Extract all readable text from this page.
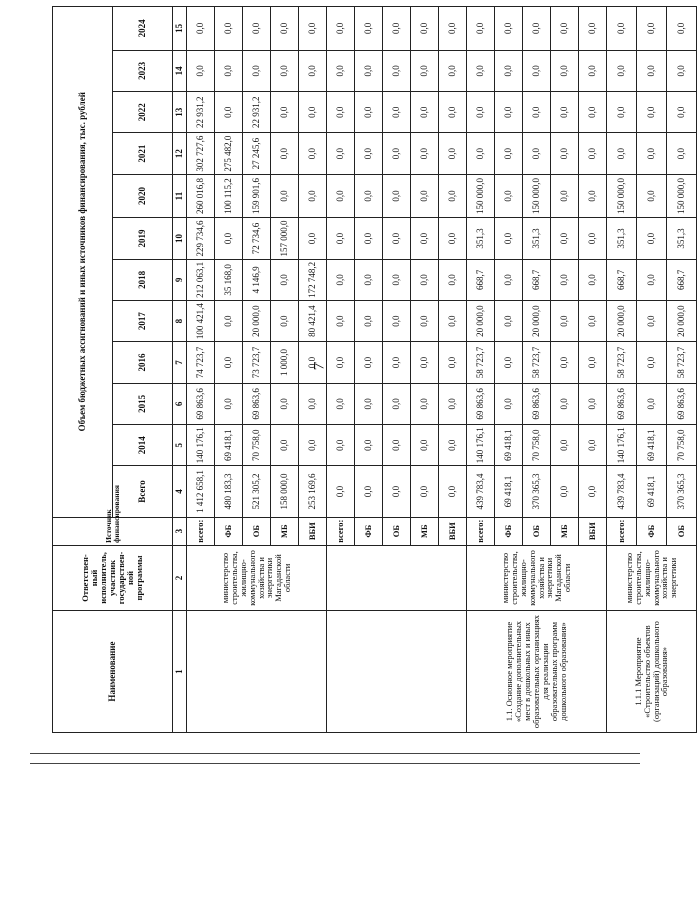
7
Наименование	Ответствен-ный исполнитель, участник государствен-ной программы	Источник финансирования	Объем бюджетных ассигнований и иных источников финансирования, тыс. рублей											
			Всего	2014	2015	2016	2017	2018	2019	2020	2021	2022	2023	2024
1	2	3	4	5	6	7	8	9	10	11	12	13	14	15
	министерство строительства, жилищно-коммунального хозяйства и энергетики Магаданской области	всего:	1 412 658,1	140 176,1	69 863,6	74 723,7	100 421,4	212 063,1	229 734,6	260 016,8	302 727,6	22 931,2	0,0	0,0
		ФБ	480 183,3	69 418,1	0,0	0,0	0,0	35 168,0	0,0	100 115,2	275 482,0	0,0	0,0	0,0
		ОБ	521 305,2	70 758,0	69 863,6	73 723,7	20 000,0	4 146,9	72 734,6	159 901,6	27 245,6	22 931,2	0,0	0,0
		МБ	158 000,0	0,0	0,0	1 000,0	0,0	0,0	157 000,0	0,0	0,0	0,0	0,0	0,0
		ВБИ	253 169,6	0,0	0,0	0,0	80 421,4	172 748,2	0,0	0,0	0,0	0,0	0,0	0,0
		всего:	0,0	0,0	0,0	0,0	0,0	0,0	0,0	0,0	0,0	0,0	0,0	0,0
		ФБ	0,0	0,0	0,0	0,0	0,0	0,0	0,0	0,0	0,0	0,0	0,0	0,0
		ОБ	0,0	0,0	0,0	0,0	0,0	0,0	0,0	0,0	0,0	0,0	0,0	0,0
		МБ	0,0	0,0	0,0	0,0	0,0	0,0	0,0	0,0	0,0	0,0	0,0	0,0
		ВБИ	0,0	0,0	0,0	0,0	0,0	0,0	0,0	0,0	0,0	0,0	0,0	0,0
1.1. Основное мероприятие «Создание дополнительных мест в дошкольных и иных образовательных организациях для реализации образовательных программ дошкольного образования»	министерство строительства, жилищно-коммунального хозяйства и энергетики Магаданской области	всего:	439 783,4	140 176,1	69 863,6	58 723,7	20 000,0	668,7	351,3	150 000,0	0,0	0,0	0,0	0,0
		ФБ	69 418,1	69 418,1	0,0	0,0	0,0	0,0	0,0	0,0	0,0	0,0	0,0	0,0
		ОБ	370 365,3	70 758,0	69 863,6	58 723,7	20 000,0	668,7	351,3	150 000,0	0,0	0,0	0,0	0,0
		МБ	0,0	0,0	0,0	0,0	0,0	0,0	0,0	0,0	0,0	0,0	0,0	0,0
		ВБИ	0,0	0,0	0,0	0,0	0,0	0,0	0,0	0,0	0,0	0,0	0,0	0,0
1.1.1 Мероприятие «Строительство объектов (организаций) дошкольного образования»	министерство строительства, жилищно-коммунального хозяйства и энергетики	всего:	439 783,4	140 176,1	69 863,6	58 723,7	20 000,0	668,7	351,3	150 000,0	0,0	0,0	0,0	0,0
		ФБ	69 418,1	69 418,1	0,0	0,0	0,0	0,0	0,0	0,0	0,0	0,0	0,0	0,0
		ОБ	370 365,3	70 758,0	69 863,6	58 723,7	20 000,0	668,7	351,3	150 000,0	0,0	0,0	0,0	0,0
